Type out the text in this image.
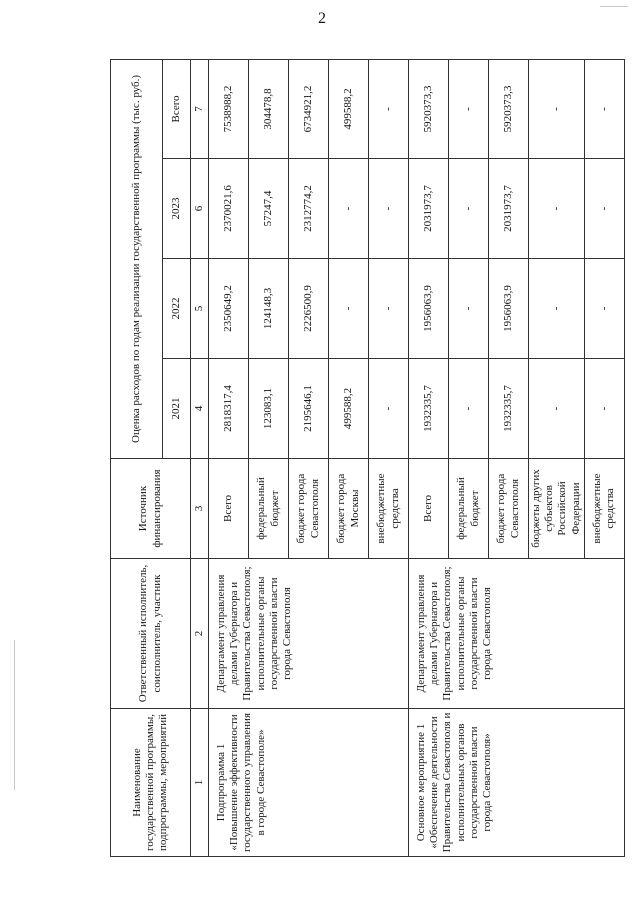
2
Наименование государственной программы, подпрограммы, мероприятий	Ответственный исполнитель, соисполнитель, участник	Источник финансирования	Оценка расходов по годам реализации государственной программы (тыс. руб.)			
			2021	2022	2023	Всего
1	2	3	4	5	6	7
Подпрограмма 1 «Повышение эффективности государственного управления в городе Севастополе»	Департамент управления делами Губернатора и Правительства Севастополя; исполнительные органы государственной власти города Севастополя	Всего	2818317,4	2350649,2	2370021,6	7538988,2
		федеральный бюджет	123083,1	124148,3	57247,4	304478,8
		бюджет города Севастополя	2195646,1	2226500,9	2312774,2	6734921,2
		бюджет города Москвы	499588,2	-	-	499588,2
		внебюджетные средства	-	-	-	-
Основное мероприятие 1 «Обеспечение деятельности Правительства Севастополя и исполнительных органов государственной власти города Севастополя»	Департамент управления делами Губернатора и Правительства Севастополя; исполнительные органы государственной власти города Севастополя	Всего	1932335,7	1956063,9	2031973,7	5920373,3
		федеральный бюджет	-	-	-	-
		бюджет города Севастополя	1932335,7	1956063,9	2031973,7	5920373,3
		бюджеты других субъектов Российской Федерации	-	-	-	-
		внебюджетные средства	-	-	-	-
